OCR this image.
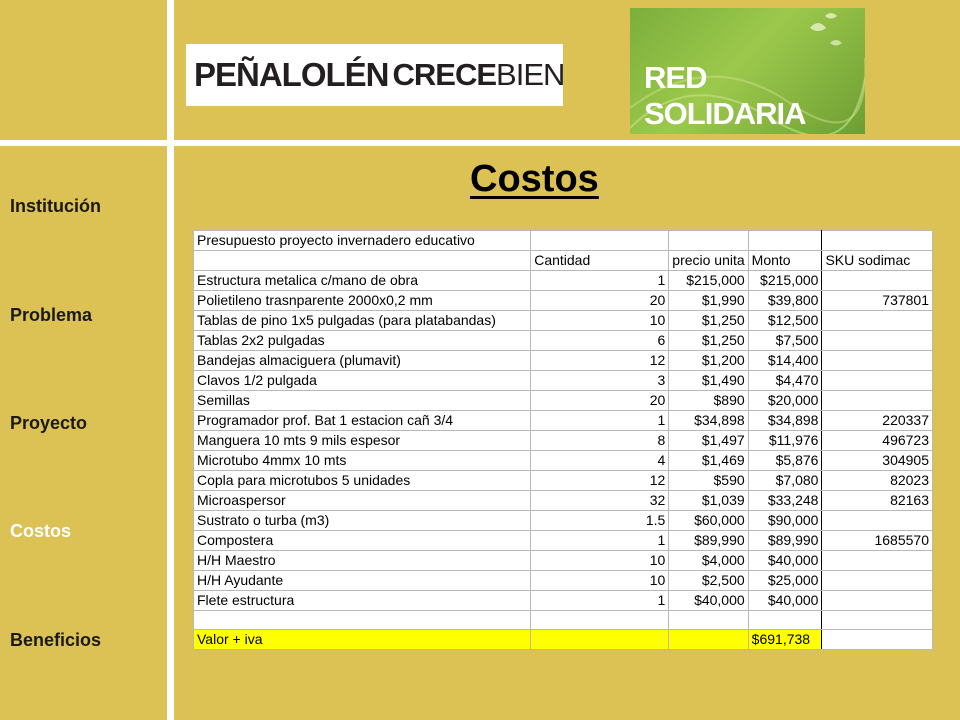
PEÑALOLÉN CRECE BIEN	RED SOLIDARIA
Institución
Problema
Proyecto
Costos
Beneficios
Costos
Presupuesto proyecto invernadero educativo				
	Cantidad	precio unita	Monto	SKU sodimac
Estructura metalica c/mano de obra	1	$215,000	$215,000	
Polietileno trasnparente 2000x0,2 mm	20	$1,990	$39,800	737801
Tablas de pino 1x5 pulgadas (para platabandas)	10	$1,250	$12,500	
Tablas 2x2 pulgadas	6	$1,250	$7,500	
Bandejas almaciguera (plumavit)	12	$1,200	$14,400	
Clavos 1/2 pulgada	3	$1,490	$4,470	
Semillas	20	$890	$20,000	
Programador prof. Bat 1 estacion cañ 3/4	1	$34,898	$34,898	220337
Manguera 10 mts 9 mils espesor	8	$1,497	$11,976	496723
Microtubo 4mmx 10 mts	4	$1,469	$5,876	304905
Copla para microtubos 5 unidades	12	$590	$7,080	82023
Microaspersor	32	$1,039	$33,248	82163
Sustrato o turba (m3)	1.5	$60,000	$90,000	
Compostera	1	$89,990	$89,990	1685570
H/H Maestro	10	$4,000	$40,000	
H/H Ayudante	10	$2,500	$25,000	
Flete estructura	1	$40,000	$40,000	

Valor + iva			$691,738	
